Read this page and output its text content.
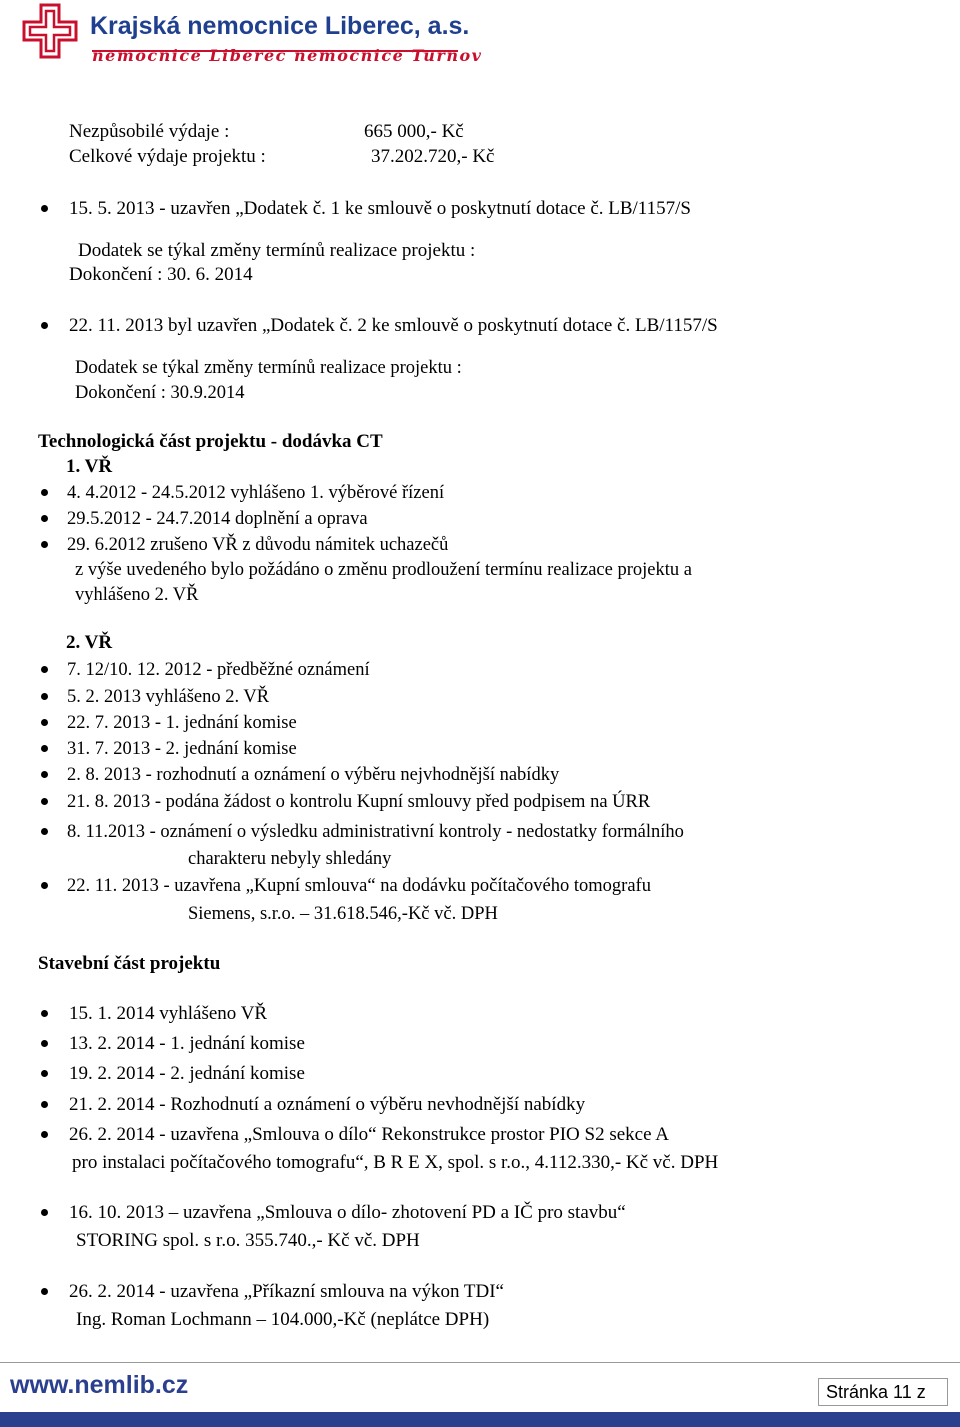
Krajská nemocnice Liberec, a.s.
nemocnice Liberec nemocnice Turnov
Nezpůsobilé výdaje :	665 000,- Kč
Celkové výdaje projektu :	37.202.720,- Kč
15. 5. 2013 - uzavřen „Dodatek č. 1 ke smlouvě o poskytnutí dotace č. LB/1157/S
Dodatek se týkal změny termínů realizace projektu :
Dokončení : 30. 6. 2014
22. 11. 2013 byl uzavřen „Dodatek č. 2 ke smlouvě o poskytnutí dotace č. LB/1157/S
Dodatek se týkal změny termínů realizace projektu :
Dokončení : 30.9.2014
Technologická část projektu - dodávka CT
1. VŘ
4. 4.2012 - 24.5.2012 vyhlášeno 1. výběrové řízení
29.5.2012 - 24.7.2014 doplnění a oprava
29. 6.2012 zrušeno VŘ z důvodu námitek uchazečů
z výše uvedeného bylo požádáno o změnu prodloužení termínu realizace projektu a
vyhlášeno 2. VŘ
2. VŘ
7. 12/10. 12. 2012 - předběžné oznámení
5. 2. 2013 vyhlášeno 2. VŘ
22. 7. 2013 - 1. jednání komise
31. 7. 2013 - 2. jednání komise
2. 8. 2013 - rozhodnutí a oznámení o výběru nejvhodnější nabídky
21. 8. 2013 - podána žádost o kontrolu Kupní smlouvy před podpisem na ÚRR
8. 11.2013 - oznámení o výsledku administrativní kontroly - nedostatky formálního
charakteru nebyly shledány
22. 11. 2013 - uzavřena „Kupní smlouva“ na dodávku počítačového tomografu
Siemens, s.r.o. – 31.618.546,-Kč vč. DPH
Stavební část projektu
15. 1. 2014 vyhlášeno VŘ
13. 2. 2014 - 1. jednání komise
19. 2. 2014 - 2. jednání komise
21. 2. 2014 - Rozhodnutí a oznámení o výběru nevhodnější nabídky
26. 2. 2014 - uzavřena „Smlouva o dílo“ Rekonstrukce prostor PIO S2 sekce A
pro instalaci počítačového tomografu“, B R E X, spol. s r.o., 4.112.330,- Kč vč. DPH
16. 10. 2013 – uzavřena „Smlouva o dílo- zhotovení PD a IČ pro stavbu“
STORING spol. s r.o. 355.740.,- Kč vč. DPH
26. 2. 2014 - uzavřena „Příkazní smlouva na výkon TDI“
Ing. Roman Lochmann – 104.000,-Kč (neplátce DPH)
www.nemlib.cz	Stránka 11 z
